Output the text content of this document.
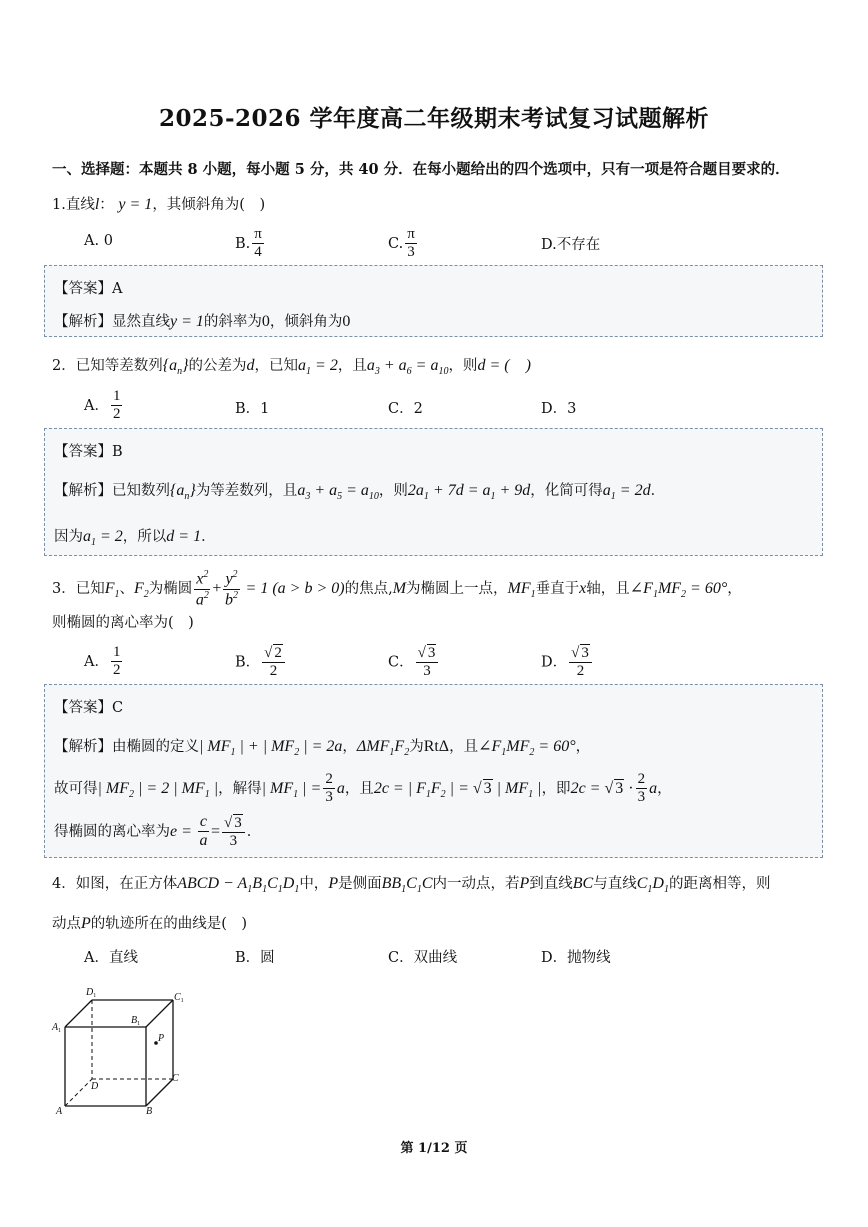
2025-2026 学年度高二年级期末考试复习试题解析
一、选择题：本题共 8 小题，每小题 5 分，共 40 分．在每小题给出的四个选项中，只有一项是符合题目要求的．
1.直线l： y = 1，其倾斜角为(　)
A. 0	B. $\frac{\pi}{4}$	C. $\frac{\pi}{3}$	D.不存在
【答案】A
【解析】显然直线y = 1的斜率为0，倾斜角为0
2．已知等差数列$\{a_n\}$的公差为d，已知$a_1 = 2$，且$a_3 + a_6 = a_{10}$，则d = (　)
A． $\frac{1}{2}$	B．1	C．2	D．3
【答案】B
【解析】已知数列$\{a_n\}$为等差数列，且$a_3 + a_5 = a_{10}$，则$2a_1 + 7d = a_1 + 9d$，化简可得$a_1 = 2d$．
因为$a_1 = 2$，所以d = 1．
3．已知$F_1$、$F_2$为椭圆 $\frac{x^2}{a^2} + \frac{y^2}{b^2} = 1$ (a > b > 0)的焦点,M为椭圆上一点，$MF_1$垂直于x轴，且$\angle F_1MF_2 = 60^\circ$，
则椭圆的离心率为(　)
A． $\frac{1}{2}$	B． $\frac{√ 2}{2}$	C． $\frac{√ 3}{3}$	D． $\frac{√ 3}{2}$
【答案】C
【解析】由椭圆的定义| $MF_1$ | + | $MF_2$ | = 2a，$\Delta MF_1F_2$为RtΔ，且$\angle F_1MF_2 = 60^\circ$，
故可得| $MF_2$ | = 2 | $MF_1$ |，解得| $MF_1$ | = $\frac{2}{3}$ a，且2c = | $F_1F_2$ | = √ 3 | $MF_1$ |，即2c = √ $3 \cdot \frac{2}{3}$ a，
得椭圆的离心率为$e = \frac{c}{a} = \frac{√ 3}{3}$ ．
4．如图，在正方体ABCD − $A_1B_1C_1D_1$中，P是侧面$BB_1C_1C$内一动点，若P到直线BC与直线$C_1D_1$的距离相等，则
动点P的轨迹所在的曲线是(　)
A．直线	B．圆	C．双曲线	D．抛物线
$D_1$	$C_1$
$A_1$
$B_1$
P
D
C
A	B
第 1/12 页
